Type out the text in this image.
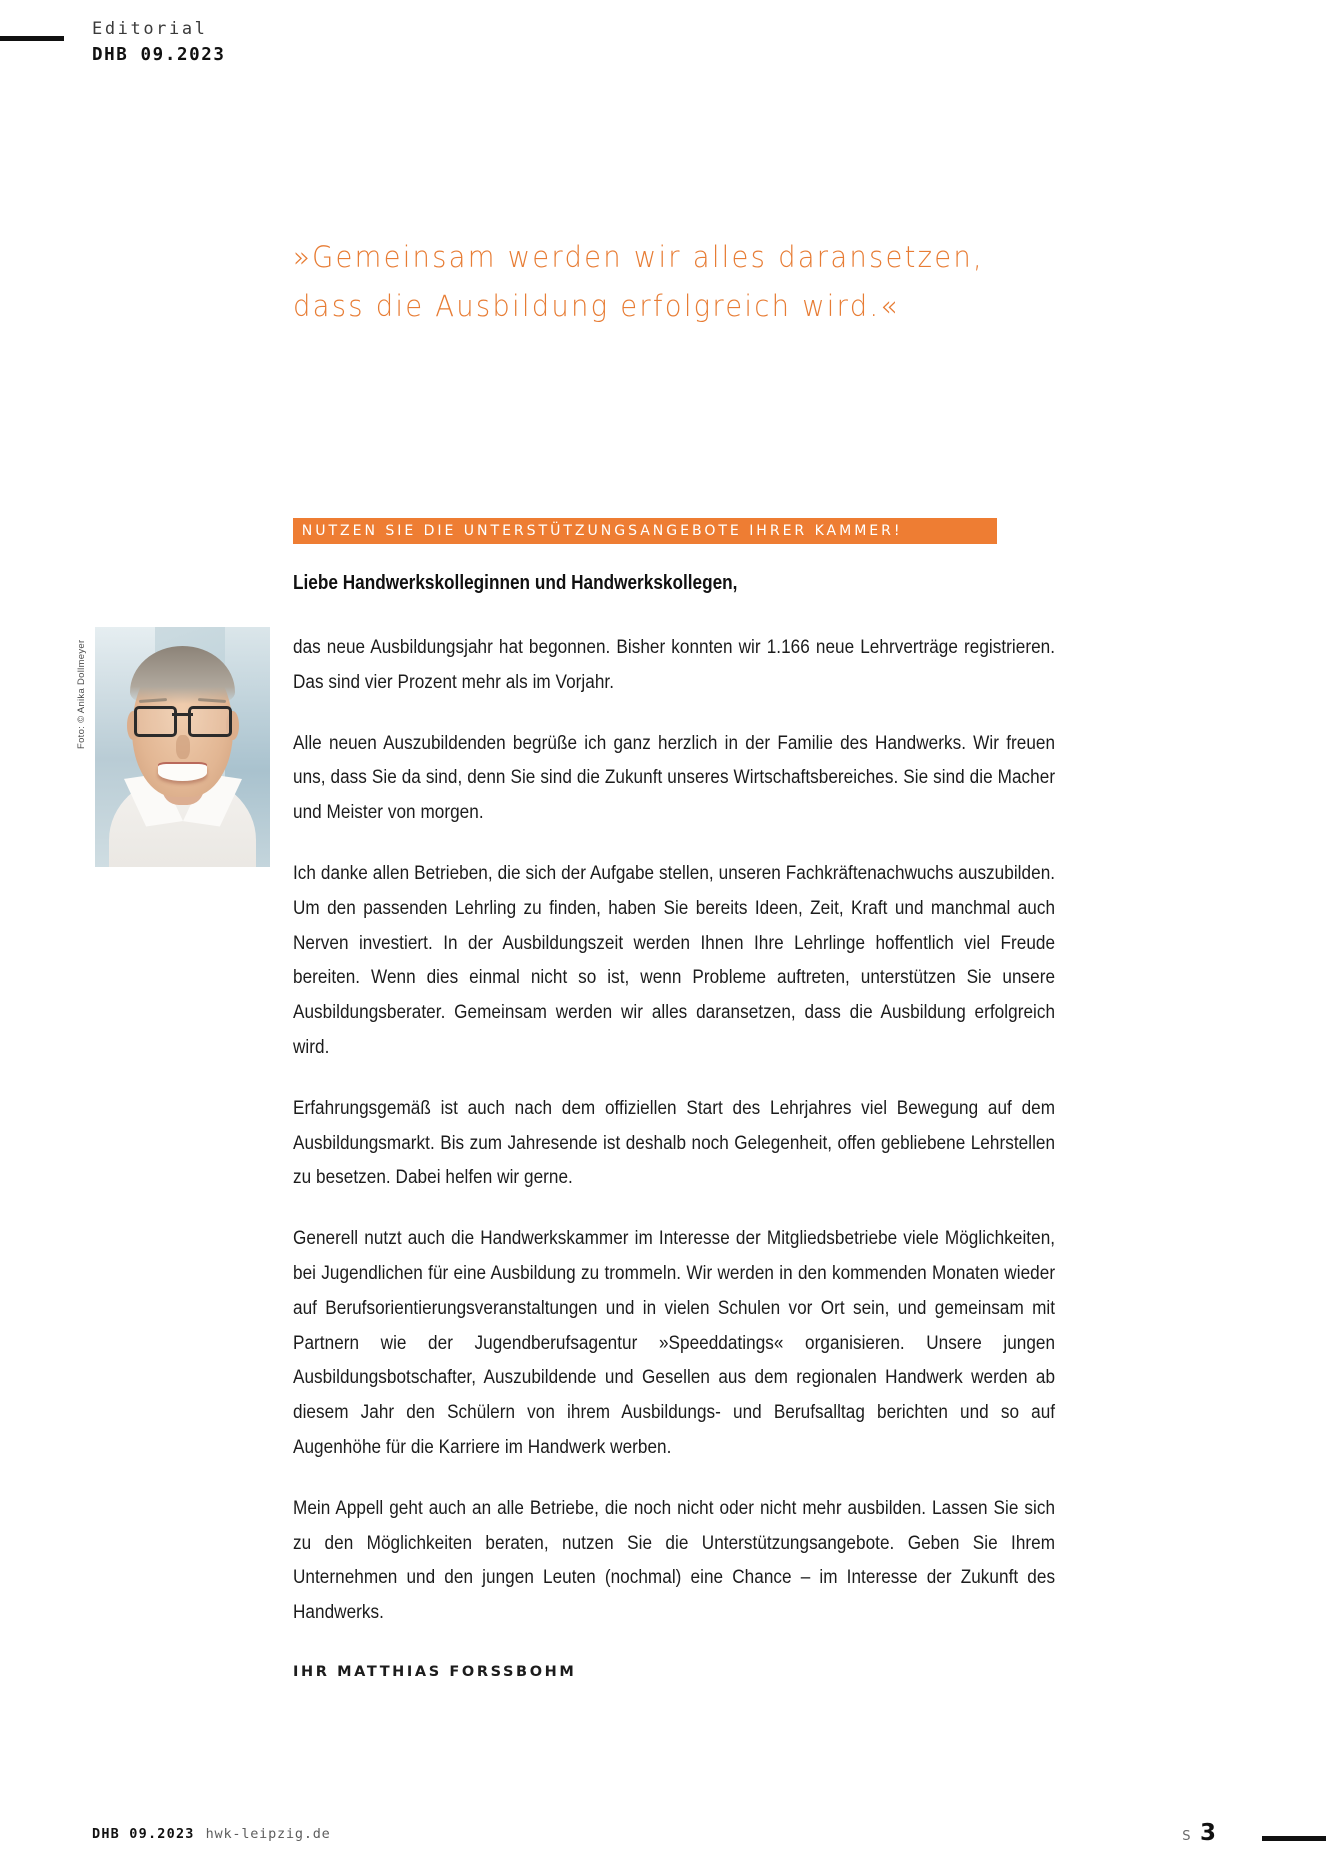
Editorial
DHB 09.2023
»Gemeinsam werden wir alles daransetzen, dass die Ausbildung erfolgreich wird.«
NUTZEN SIE DIE UNTERSTÜTZUNGSANGEBOTE IHRER KAMMER!
Liebe Handwerkskolleginnen und Handwerkskollegen,
Foto: © Anika Dollmeyer	das neue Ausbildungsjahr hat begonnen. Bisher konnten wir 1.166 neue Lehrverträge registrieren. Das sind vier Prozent mehr als im Vorjahr.

Alle neuen Auszubildenden begrüße ich ganz herzlich in der Familie des Handwerks. Wir freuen uns, dass Sie da sind, denn Sie sind die Zukunft unseres Wirtschaftsbereiches. Sie sind die Macher und Meister von morgen.

Ich danke allen Betrieben, die sich der Aufgabe stellen, unseren Fachkräftenachwuchs auszubilden. Um den passenden Lehrling zu finden, haben Sie bereits Ideen, Zeit, Kraft und manchmal auch Nerven investiert. In der Ausbildungszeit werden Ihnen Ihre Lehrlinge hoffentlich viel Freude bereiten. Wenn dies einmal nicht so ist, wenn Probleme auftreten, unterstützen Sie unsere Ausbildungsberater. Gemeinsam werden wir alles daransetzen, dass die Ausbildung erfolgreich wird.

Erfahrungsgemäß ist auch nach dem offiziellen Start des Lehrjahres viel Bewegung auf dem Ausbildungsmarkt. Bis zum Jahresende ist deshalb noch Gelegenheit, offen gebliebene Lehrstellen zu besetzen. Dabei helfen wir gerne.

Generell nutzt auch die Handwerkskammer im Interesse der Mitgliedsbetriebe viele Möglichkeiten, bei Jugendlichen für eine Ausbildung zu trommeln. Wir werden in den kommenden Monaten wieder auf Berufsorientierungsveranstaltungen und in vielen Schulen vor Ort sein, und gemeinsam mit Partnern wie der Jugendberufsagentur »Speeddatings« organisieren. Unsere jungen Ausbildungsbotschafter, Auszubildende und Gesellen aus dem regionalen Handwerk werden ab diesem Jahr den Schülern von ihrem Ausbildungs- und Berufsalltag berichten und so auf Augenhöhe für die Karriere im Handwerk werben.

Mein Appell geht auch an alle Betriebe, die noch nicht oder nicht mehr ausbilden. Lassen Sie sich zu den Möglichkeiten beraten, nutzen Sie die Unterstützungsangebote. Geben Sie Ihrem Unternehmen und den jungen Leuten (nochmal) eine Chance – im Interesse der Zukunft des Handwerks.

IHR MATTHIAS FORSSBOHM

DHB 09.2023 hwk-leipzig.de	S 3
